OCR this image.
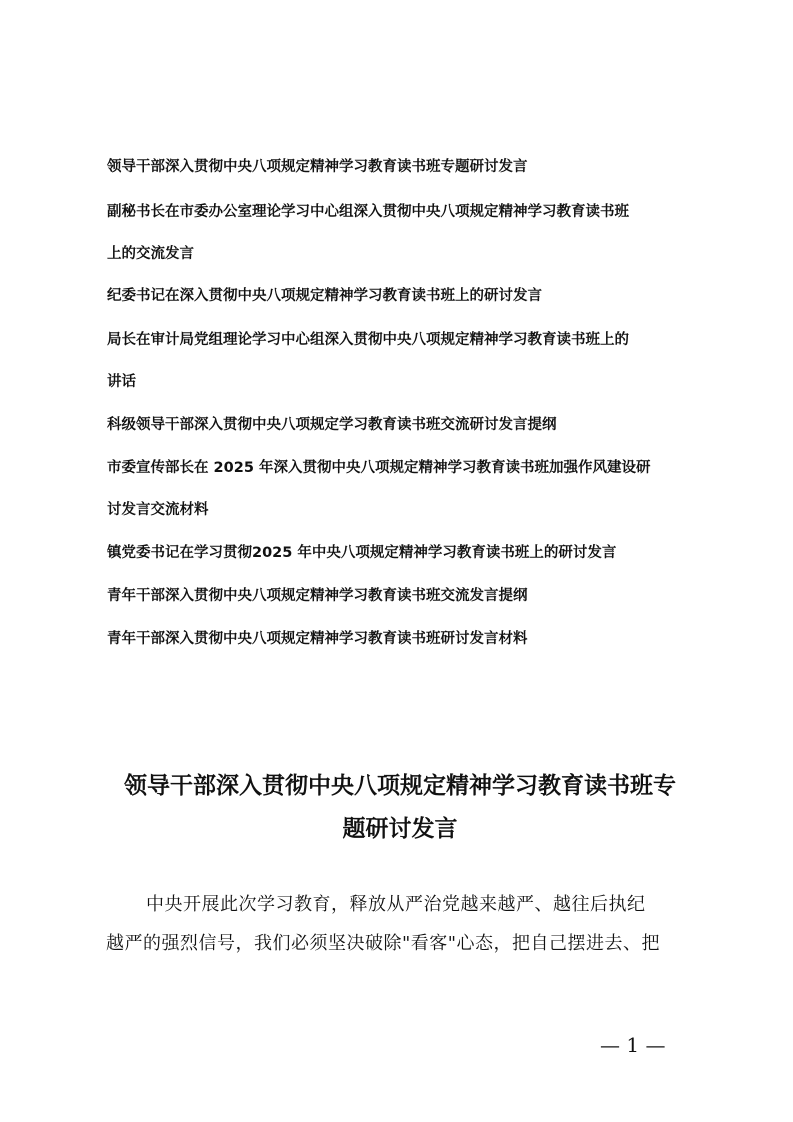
领导干部深入贯彻中央八项规定精神学习教育读书班专题研讨发言
副秘书长在市委办公室理论学习中心组深入贯彻中央八项规定精神学习教育读书班
上的交流发言
纪委书记在深入贯彻中央八项规定精神学习教育读书班上的研讨发言
局长在审计局党组理论学习中心组深入贯彻中央八项规定精神学习教育读书班上的
讲话
科级领导干部深入贯彻中央八项规定学习教育读书班交流研讨发言提纲
市委宣传部长在 2025 年深入贯彻中央八项规定精神学习教育读书班加强作风建设研
讨发言交流材料
镇党委书记在学习贯彻2025 年中央八项规定精神学习教育读书班上的研讨发言
青年干部深入贯彻中央八项规定精神学习教育读书班交流发言提纲
青年干部深入贯彻中央八项规定精神学习教育读书班研讨发言材料
领导干部深入贯彻中央八项规定精神学习教育读书班专
题研讨发言
中央开展此次学习教育，释放从严治党越来越严、越往后执纪
越严的强烈信号，我们必须坚决破除"看客"心态，把自己摆进去、把
— 1 —
